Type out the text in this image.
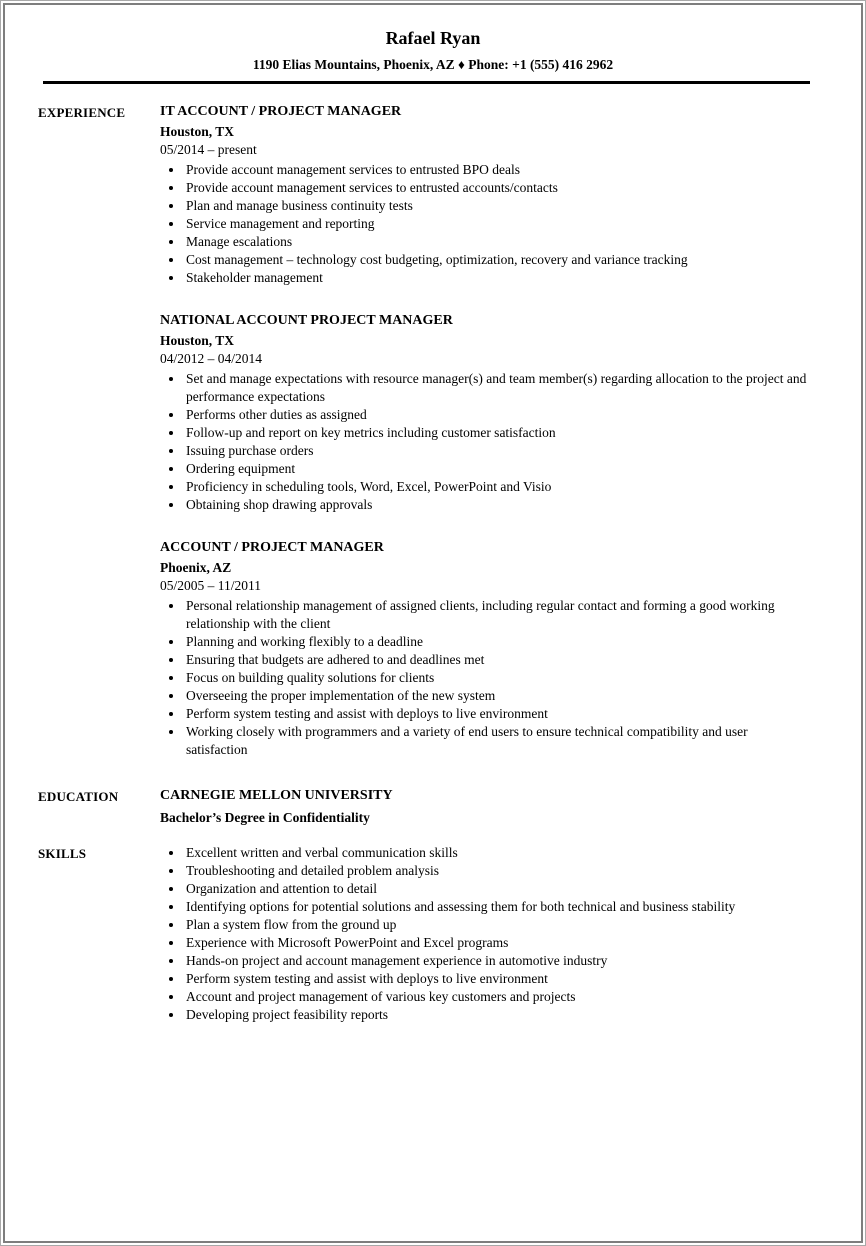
Rafael Ryan
1190 Elias Mountains, Phoenix, AZ ♦ Phone: +1 (555) 416 2962
EXPERIENCE	IT ACCOUNT / PROJECT MANAGER
Houston, TX
05/2014 – present
• Provide account management services to entrusted BPO deals
• Provide account management services to entrusted accounts/contacts
• Plan and manage business continuity tests
• Service management and reporting
• Manage escalations
• Cost management – technology cost budgeting, optimization, recovery and variance tracking
• Stakeholder management
NATIONAL ACCOUNT PROJECT MANAGER
Houston, TX
04/2012 – 04/2014
• Set and manage expectations with resource manager(s) and team member(s) regarding allocation to the project and performance expectations
• Performs other duties as assigned
• Follow-up and report on key metrics including customer satisfaction
• Issuing purchase orders
• Ordering equipment
• Proficiency in scheduling tools, Word, Excel, PowerPoint and Visio
• Obtaining shop drawing approvals
ACCOUNT / PROJECT MANAGER
Phoenix, AZ
05/2005 – 11/2011
• Personal relationship management of assigned clients, including regular contact and forming a good working relationship with the client
• Planning and working flexibly to a deadline
• Ensuring that budgets are adhered to and deadlines met
• Focus on building quality solutions for clients
• Overseeing the proper implementation of the new system
• Perform system testing and assist with deploys to live environment
• Working closely with programmers and a variety of end users to ensure technical compatibility and user satisfaction
EDUCATION	CARNEGIE MELLON UNIVERSITY
Bachelor’s Degree in Confidentiality
SKILLS	• Excellent written and verbal communication skills
• Troubleshooting and detailed problem analysis
• Organization and attention to detail
• Identifying options for potential solutions and assessing them for both technical and business stability
• Plan a system flow from the ground up
• Experience with Microsoft PowerPoint and Excel programs
• Hands-on project and account management experience in automotive industry
• Perform system testing and assist with deploys to live environment
• Account and project management of various key customers and projects
• Developing project feasibility reports
